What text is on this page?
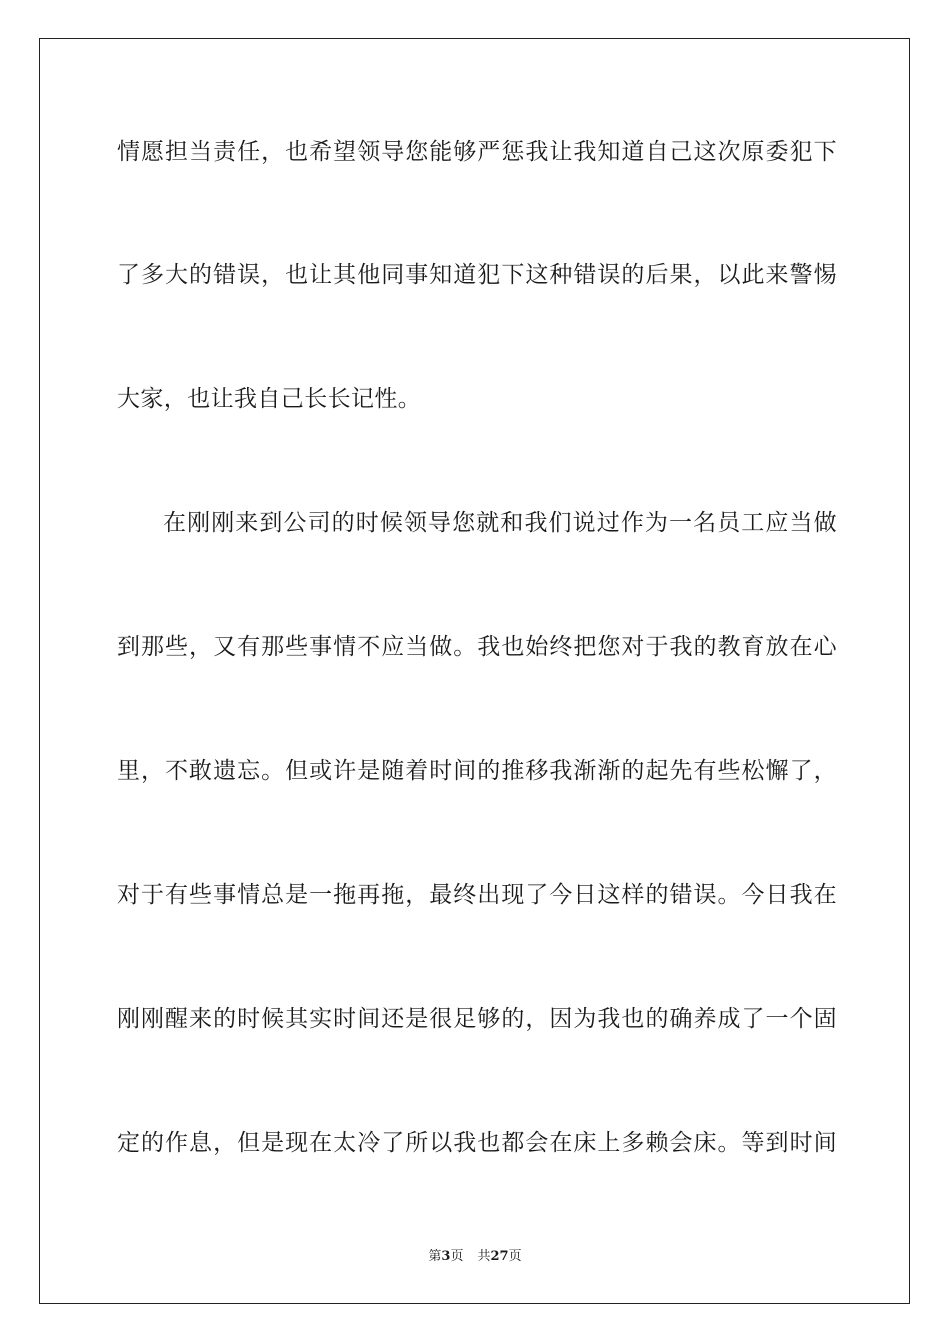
情愿担当责任，也希望领导您能够严惩我让我知道自己这次原委犯下
了多大的错误，也让其他同事知道犯下这种错误的后果，以此来警惕
大家，也让我自己长长记性。
在刚刚来到公司的时候领导您就和我们说过作为一名员工应当做
到那些，又有那些事情不应当做。我也始终把您对于我的教育放在心
里，不敢遗忘。但或许是随着时间的推移我渐渐的起先有些松懈了，
对于有些事情总是一拖再拖，最终出现了今日这样的错误。今日我在
刚刚醒来的时候其实时间还是很足够的，因为我也的确养成了一个固
定的作息，但是现在太冷了所以我也都会在床上多赖会床。等到时间
第3页 共27页
